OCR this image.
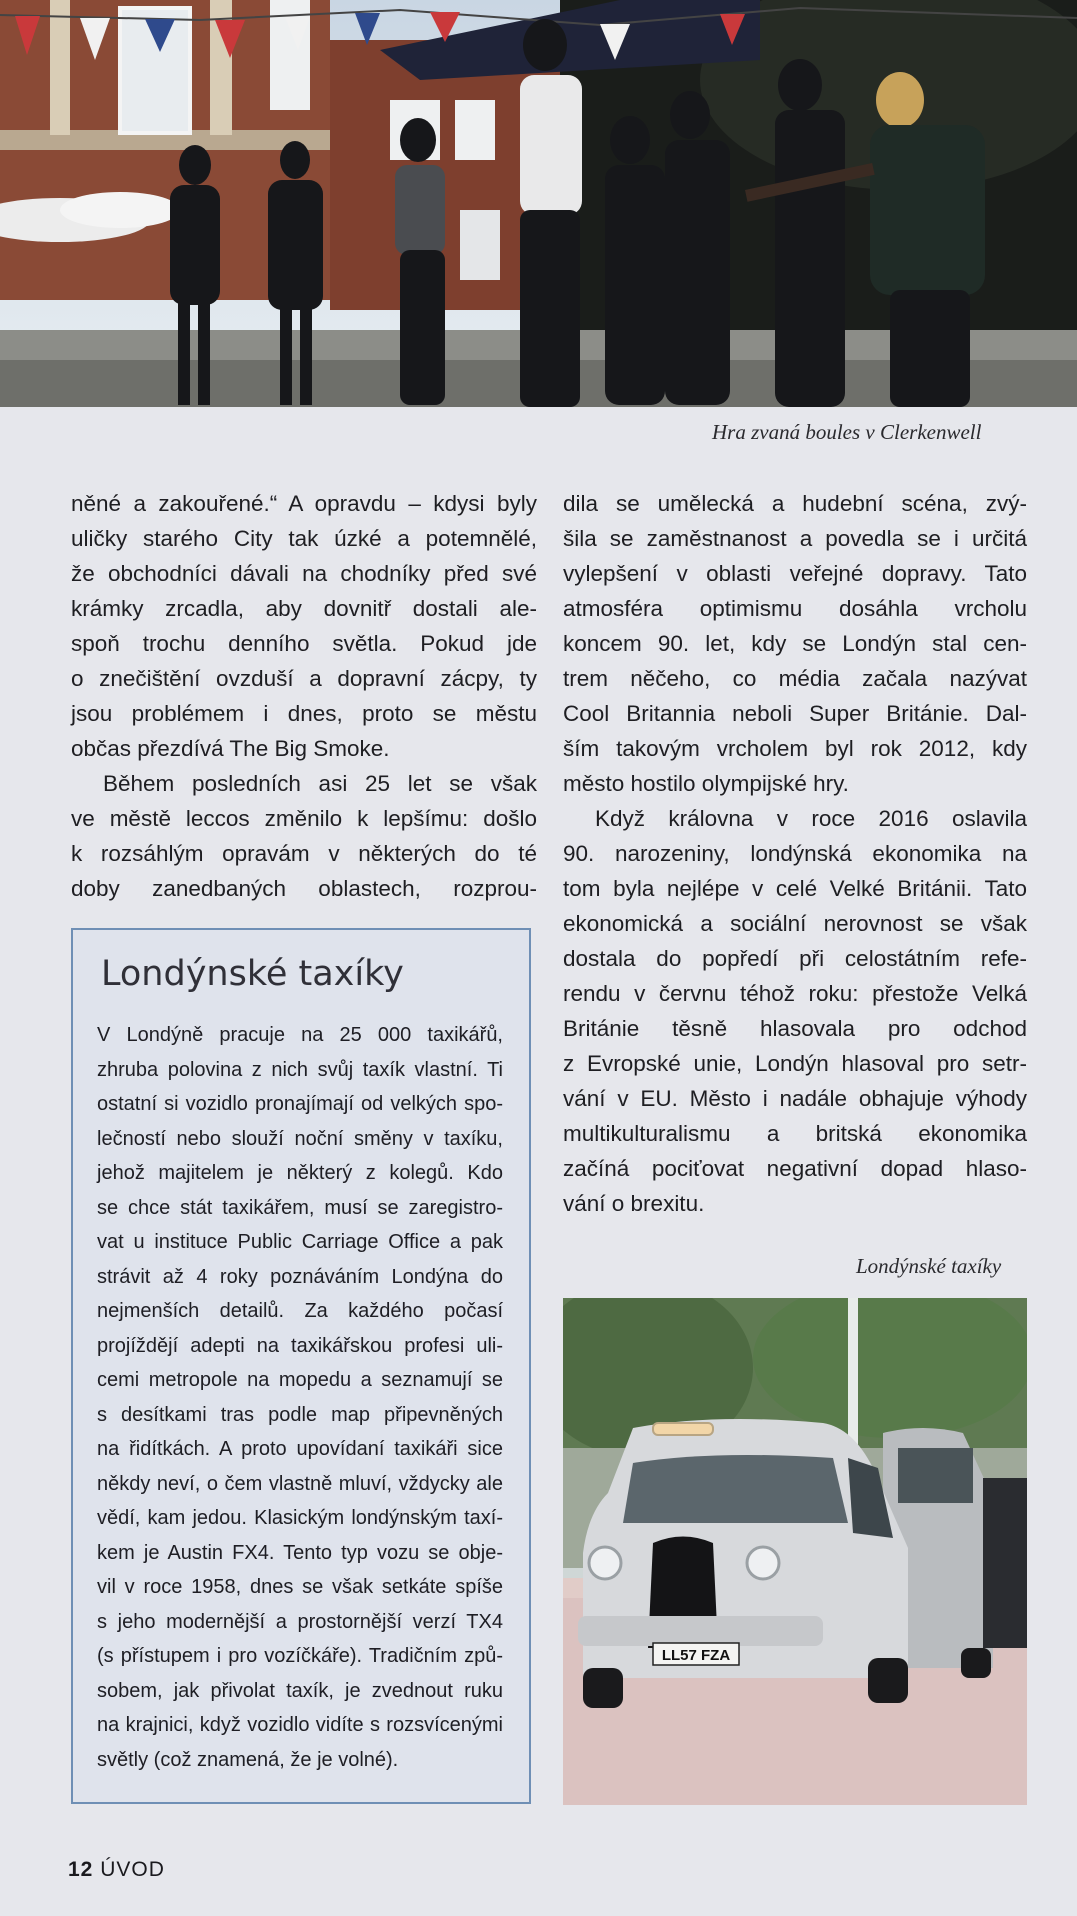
Hra zvaná boules v Clerkenwell
něné a zakouřené.“ A opravdu – kdysi byly
uličky starého City tak úzké a potemnělé,
že obchodníci dávali na chodníky před své
krámky zrcadla, aby dovnitř dostali ale-
spoň trochu denního světla. Pokud jde
o znečištění ovzduší a dopravní zácpy, ty
jsou problémem i dnes, proto se městu
občas přezdívá The Big Smoke.
Během posledních asi 25 let se však
ve městě leccos změnilo k lepšímu: došlo
k rozsáhlým opravám v některých do té
doby zanedbaných oblastech, rozprou-
dila se umělecká a hudební scéna, zvý-
šila se zaměstnanost a povedla se i určitá
vylepšení v oblasti veřejné dopravy. Tato
atmosféra optimismu dosáhla vrcholu
koncem 90. let, kdy se Londýn stal cen-
trem něčeho, co média začala nazývat
Cool Britannia neboli Super Británie. Dal-
ším takovým vrcholem byl rok 2012, kdy
město hostilo olympijské hry.
Když královna v roce 2016 oslavila
90. narozeniny, londýnská ekonomika na
tom byla nejlépe v celé Velké Británii. Tato
ekonomická a sociální nerovnost se však
dostala do popředí při celostátním refe-
rendu v červnu téhož roku: přestože Velká
Británie těsně hlasovala pro odchod
z Evropské unie, Londýn hlasoval pro setr-
vání v EU. Město i nadále obhajuje výhody
multikulturalismu a britská ekonomika
začíná pociťovat negativní dopad hlaso-
vání o brexitu.
Londýnské taxíky
V Londýně pracuje na 25 000 taxikářů,
zhruba polovina z nich svůj taxík vlastní. Ti
ostatní si vozidlo pronajímají od velkých spo-
lečností nebo slouží noční směny v taxíku,
jehož majitelem je některý z kolegů. Kdo
se chce stát taxikářem, musí se zaregistro-
vat u instituce Public Carriage Office a pak
strávit až 4 roky poznáváním Londýna do
nejmenších detailů. Za každého počasí
projíždějí adepti na taxikářskou profesi uli-
cemi metropole na mopedu a seznamují se
s desítkami tras podle map připevněných
na řidítkách. A proto upovídaní taxikáři sice
někdy neví, o čem vlastně mluví, vždycky ale
vědí, kam jedou. Klasickým londýnským taxí-
kem je Austin FX4. Tento typ vozu se obje-
vil v roce 1958, dnes se však setkáte spíše
s jeho modernější a prostornější verzí TX4
(s přístupem i pro vozíčkáře). Tradičním způ-
sobem, jak přivolat taxík, je zvednout ruku
na krajnici, když vozidlo vidíte s rozsvícenými
světly (což znamená, že je volné).
Londýnské taxíky
LL57 FZA
12 ÚVOD
